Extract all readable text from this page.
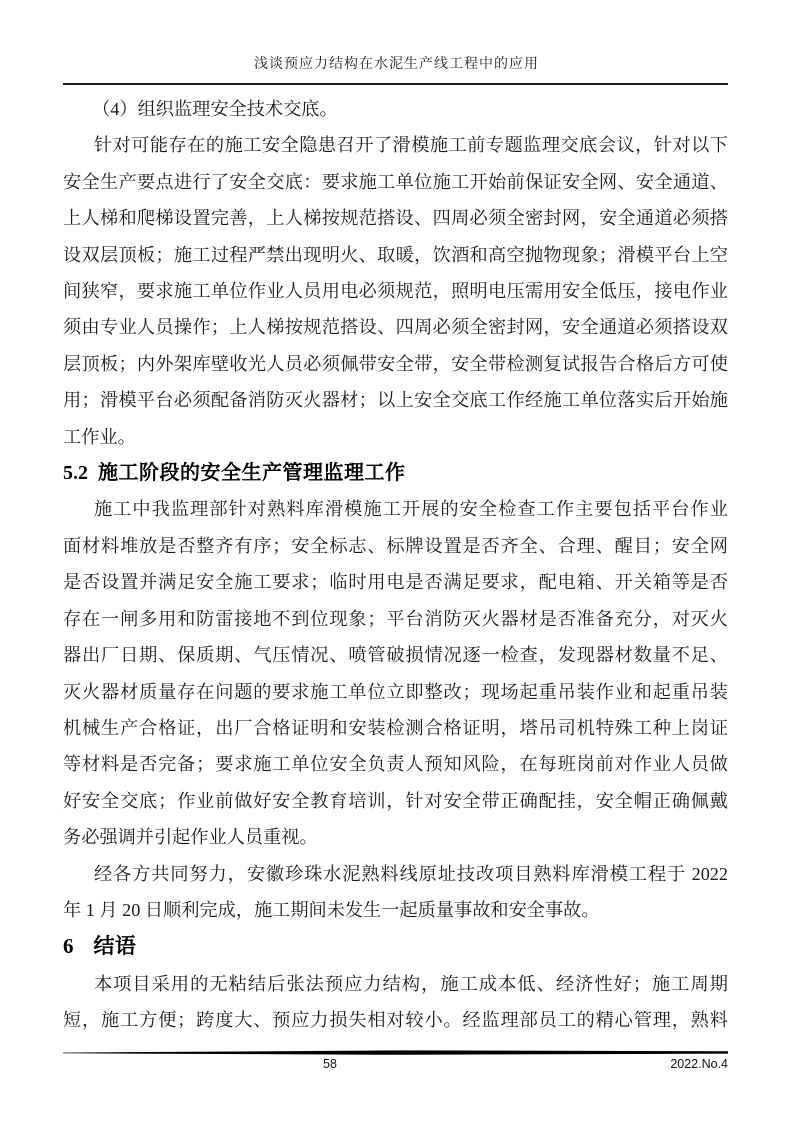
浅谈预应力结构在水泥生产线工程中的应用
（4）组织监理安全技术交底。
针对可能存在的施工安全隐患召开了滑模施工前专题监理交底会议，针对以下
安全生产要点进行了安全交底：要求施工单位施工开始前保证安全网、安全通道、
上人梯和爬梯设置完善，上人梯按规范搭设、四周必须全密封网，安全通道必须搭
设双层顶板；施工过程严禁出现明火、取暖，饮酒和高空抛物现象；滑模平台上空
间狭窄，要求施工单位作业人员用电必须规范，照明电压需用安全低压，接电作业
须由专业人员操作；上人梯按规范搭设、四周必须全密封网，安全通道必须搭设双
层顶板；内外架库壁收光人员必须佩带安全带，安全带检测复试报告合格后方可使
用；滑模平台必须配备消防灭火器材；以上安全交底工作经施工单位落实后开始施
工作业。
5.2 施工阶段的安全生产管理监理工作
施工中我监理部针对熟料库滑模施工开展的安全检查工作主要包括平台作业
面材料堆放是否整齐有序；安全标志、标牌设置是否齐全、合理、醒目；安全网
是否设置并满足安全施工要求；临时用电是否满足要求，配电箱、开关箱等是否
存在一闸多用和防雷接地不到位现象；平台消防灭火器材是否准备充分，对灭火
器出厂日期、保质期、气压情况、喷管破损情况逐一检查，发现器材数量不足、
灭火器材质量存在问题的要求施工单位立即整改；现场起重吊装作业和起重吊装
机械生产合格证，出厂合格证明和安装检测合格证明，塔吊司机特殊工种上岗证
等材料是否完备；要求施工单位安全负责人预知风险，在每班岗前对作业人员做
好安全交底；作业前做好安全教育培训，针对安全带正确配挂，安全帽正确佩戴
务必强调并引起作业人员重视。
经各方共同努力，安徽珍珠水泥熟料线原址技改项目熟料库滑模工程于 2022
年 1 月 20 日顺利完成，施工期间未发生一起质量事故和安全事故。
6 结语
本项目采用的无粘结后张法预应力结构，施工成本低、经济性好；施工周期
短，施工方便；跨度大、预应力损失相对较小。经监理部员工的精心管理，熟料
58	2022.No.4
